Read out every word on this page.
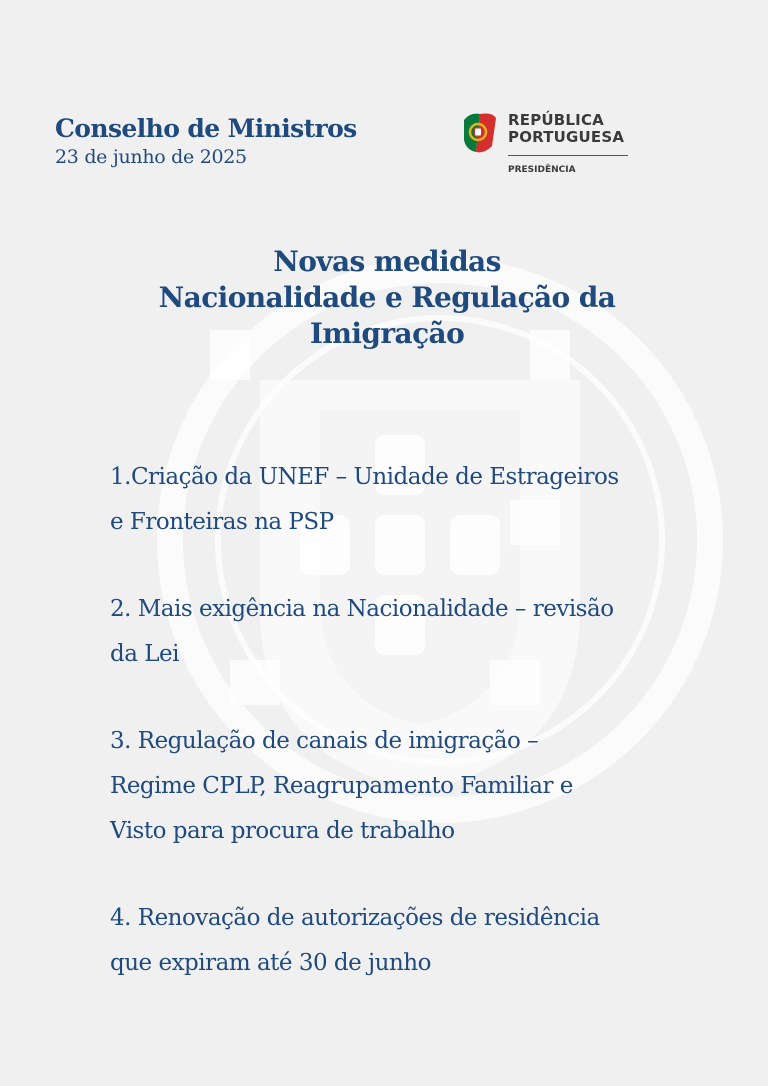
Conselho de Ministros
23 de junho de 2025
REPÚBLICA
PORTUGUESA
PRESIDÊNCIA
Novas medidas
Nacionalidade e Regulação da
Imigração
1.Criação da UNEF – Unidade de Estrageiros
e Fronteiras na PSP
2. Mais exigência na Nacionalidade – revisão
da Lei
3. Regulação de canais de imigração –
Regime CPLP, Reagrupamento Familiar e
Visto para procura de trabalho
4. Renovação de autorizações de residência
que expiram até 30 de junho
